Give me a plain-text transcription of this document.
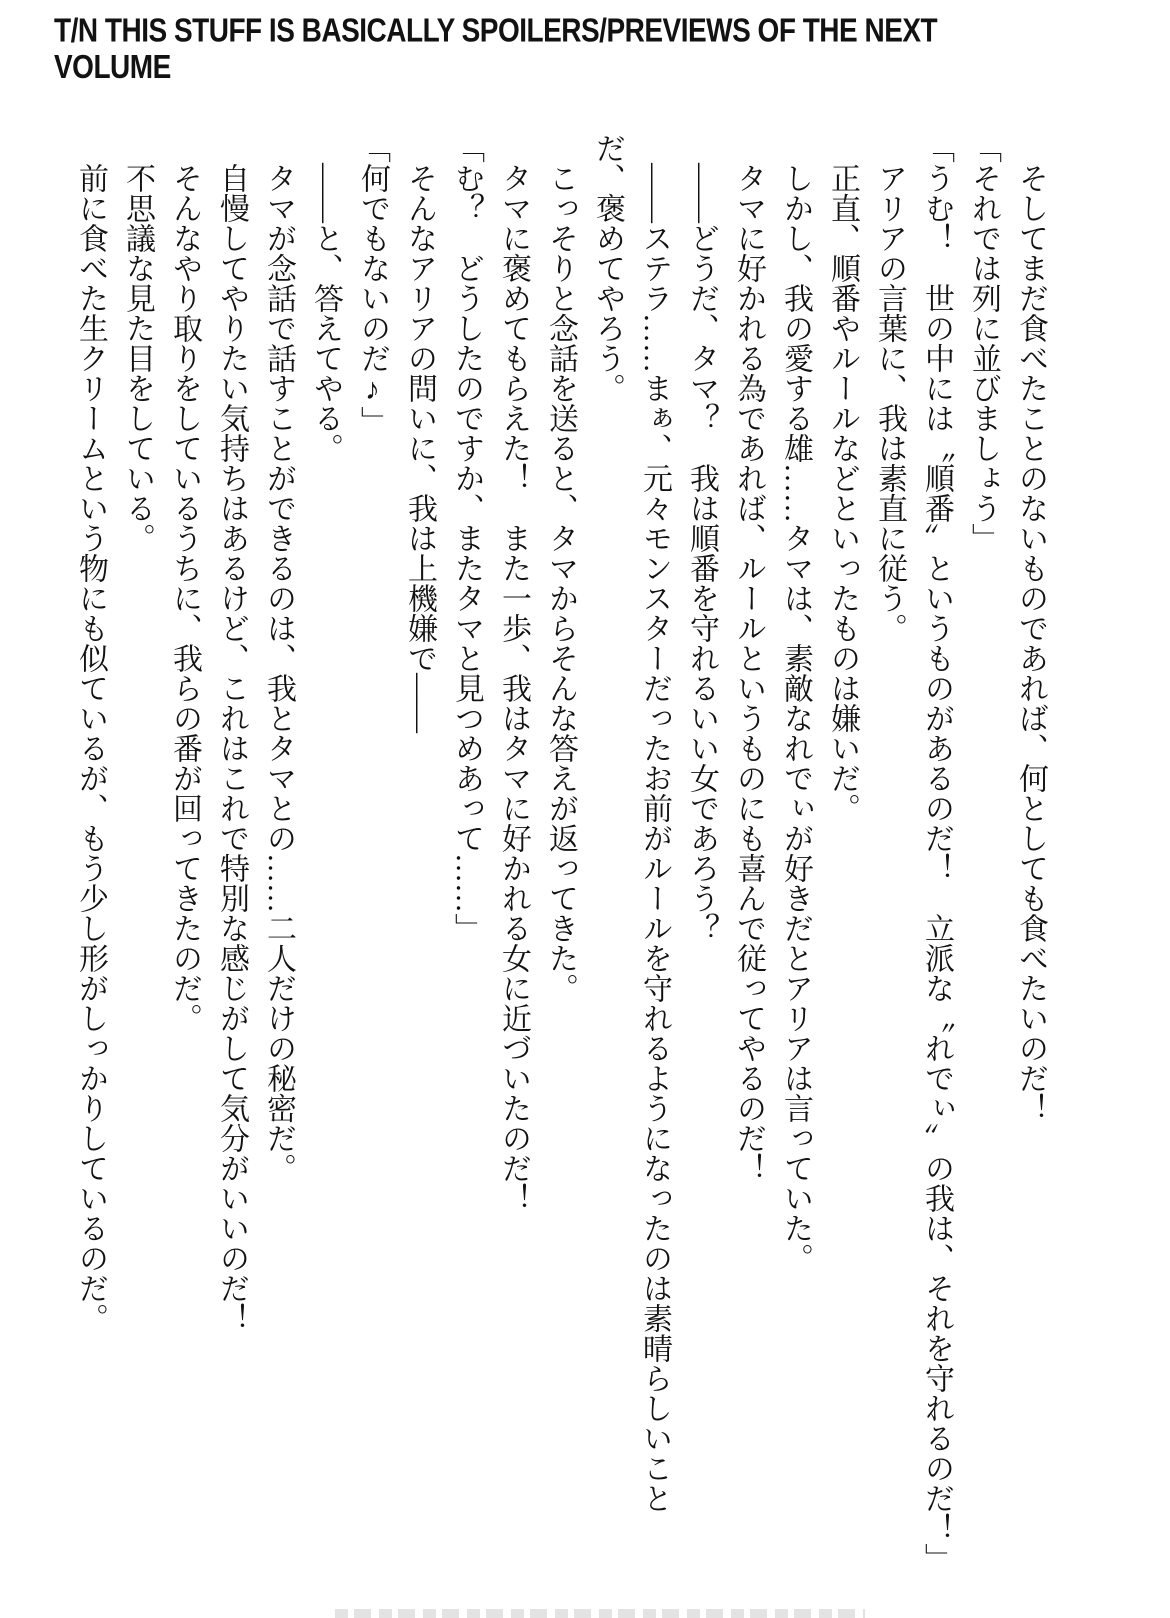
T/N THIS STUFF IS BASICALLY SPOILERS/PREVIEWS OF THE NEXT VOLUME
　そしてまだ食べたことのないものであれば、何としても食べたいのだ！
「それでは列に並びましょう」
「うむ！　世の中には〝順番〟というものがあるのだ！　立派な〝れでぃ〟の我は、それを守れるのだ！」
　アリアの言葉に、我は素直に従う。
　正直、順番やルールなどといったものは嫌いだ。
　しかし、我の愛する雄……タマは、素敵なれでぃが好きだとアリアは言っていた。
　タマに好かれる為であれば、ルールというものにも喜んで従ってやるのだ！
　――どうだ、タマ？　我は順番を守れるいい女であろう？
　――ステラ……まぁ、元々モンスターだったお前がルールを守れるようになったのは素晴らしいこと
だ、褒めてやろう。
　こっそりと念話を送ると、タマからそんな答えが返ってきた。
　タマに褒めてもらえた！　また一歩、我はタマに好かれる女に近づいたのだ！
「む？　どうしたのですか、またタマと見つめあって……」
　そんなアリアの問いに、我は上機嫌で――
「何でもないのだ♪」
　――と、答えてやる。
　タマが念話で話すことができるのは、我とタマとの……二人だけの秘密だ。
　自慢してやりたい気持ちはあるけど、これはこれで特別な感じがして気分がいいのだ！
　そんなやり取りをしているうちに、我らの番が回ってきたのだ。
　不思議な見た目をしている。
　前に食べた生クリームという物にも似ているが、もう少し形がしっかりしているのだ。
